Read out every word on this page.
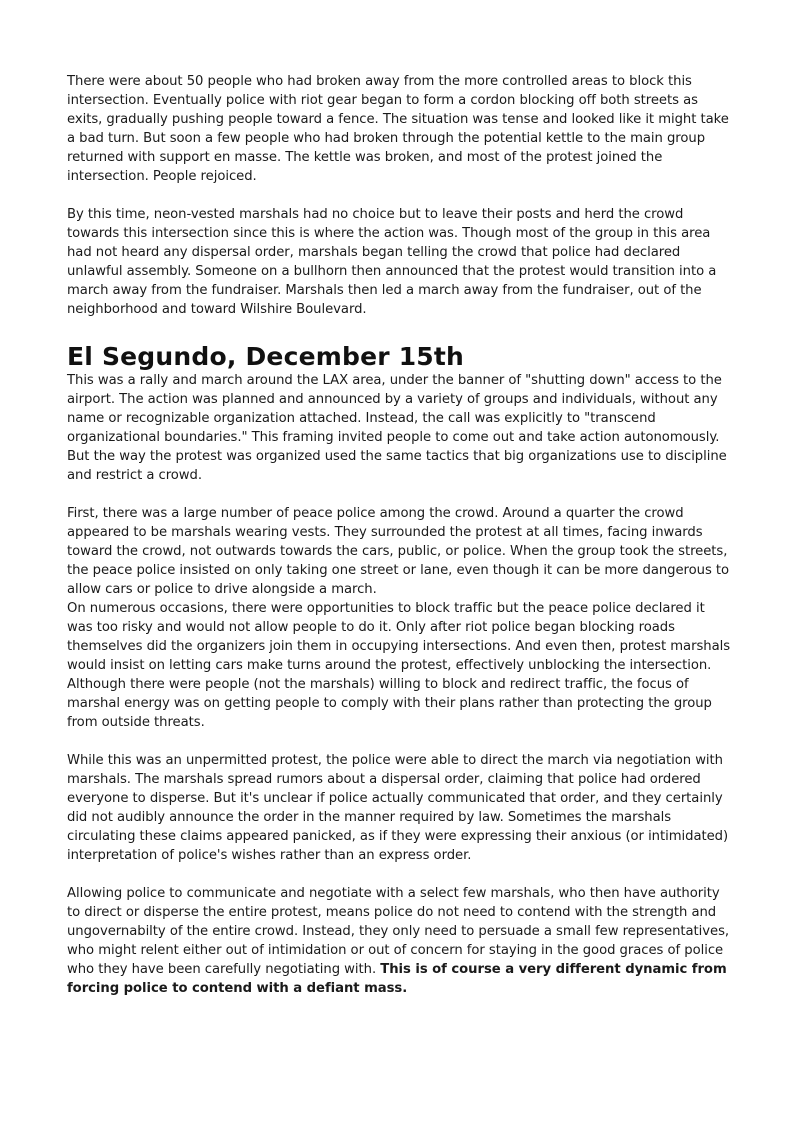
There were about 50 people who had broken away from the more controlled areas to block this intersection. Eventually police with riot gear began to form a cordon blocking off both streets as exits, gradually pushing people toward a fence. The situation was tense and looked like it might take a bad turn. But soon a few people who had broken through the potential kettle to the main group returned with support en masse. The kettle was broken, and most of the protest joined the intersection. People rejoiced.

By this time, neon-vested marshals had no choice but to leave their posts and herd the crowd towards this intersection since this is where the action was. Though most of the group in this area had not heard any dispersal order, marshals began telling the crowd that police had declared unlawful assembly. Someone on a bullhorn then announced that the protest would transition into a march away from the fundraiser. Marshals then led a march away from the fundraiser, out of the neighborhood and toward Wilshire Boulevard.

El Segundo, December 15th

This was a rally and march around the LAX area, under the banner of "shutting down" access to the airport. The action was planned and announced by a variety of groups and individuals, without any name or recognizable organization attached. Instead, the call was explicitly to "transcend organizational boundaries." This framing invited people to come out and take action autonomously. But the way the protest was organized used the same tactics that big organizations use to discipline and restrict a crowd.

First, there was a large number of peace police among the crowd. Around a quarter the crowd appeared to be marshals wearing vests. They surrounded the protest at all times, facing inwards toward the crowd, not outwards towards the cars, public, or police. When the group took the streets, the peace police insisted on only taking one street or lane, even though it can be more dangerous to allow cars or police to drive alongside a march.

On numerous occasions, there were opportunities to block traffic but the peace police declared it was too risky and would not allow people to do it. Only after riot police began blocking roads themselves did the organizers join them in occupying intersections. And even then, protest marshals would insist on letting cars make turns around the protest, effectively unblocking the intersection. Although there were people (not the marshals) willing to block and redirect traffic, the focus of marshal energy was on getting people to comply with their plans rather than protecting the group from outside threats.

While this was an unpermitted protest, the police were able to direct the march via negotiation with marshals. The marshals spread rumors about a dispersal order, claiming that police had ordered everyone to disperse. But it's unclear if police actually communicated that order, and they certainly did not audibly announce the order in the manner required by law. Sometimes the marshals circulating these claims appeared panicked, as if they were expressing their anxious (or intimidated) interpretation of police's wishes rather than an express order.

Allowing police to communicate and negotiate with a select few marshals, who then have authority to direct or disperse the entire protest, means police do not need to contend with the strength and ungovernabilty of the entire crowd. Instead, they only need to persuade a small few representatives, who might relent either out of intimidation or out of concern for staying in the good graces of police who they have been carefully negotiating with. This is of course a very different dynamic from forcing police to contend with a defiant mass.
